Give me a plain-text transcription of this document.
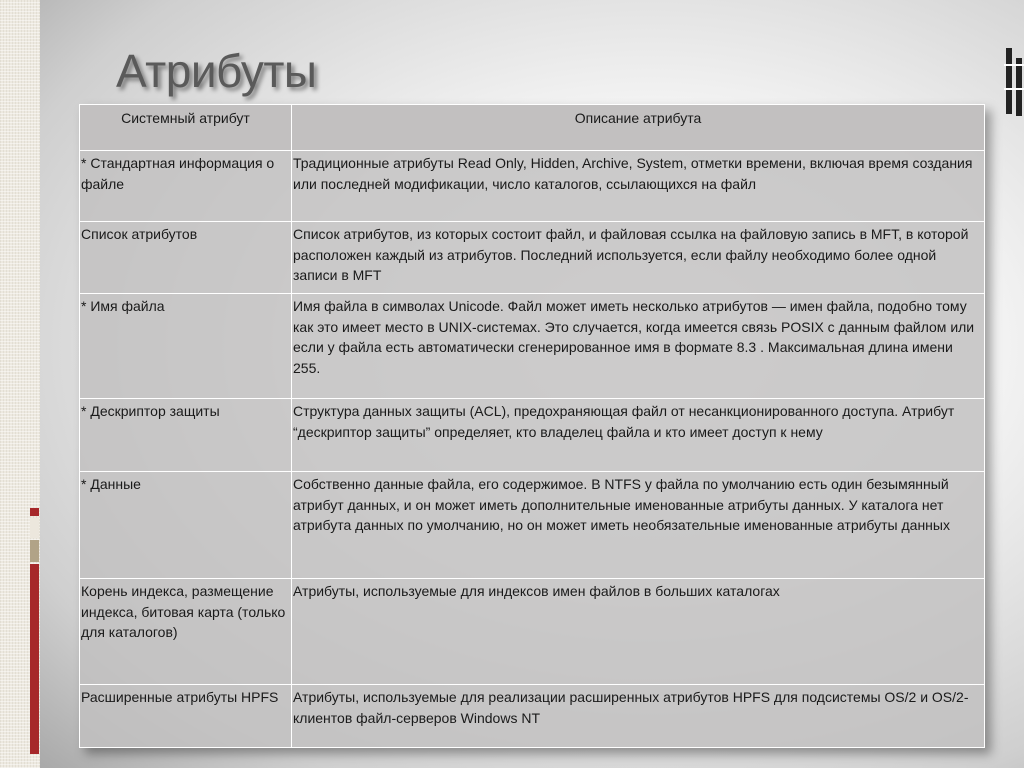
Атрибуты
Системный атрибут	Описание атрибута
* Стандартная информация о файле	Традиционные атрибуты Read Only, Hidden, Archive, System, отметки времени, включая время создания или последней модификации, число каталогов, ссылающихся на файл
Список атрибутов	Список атрибутов, из которых состоит файл, и файловая ссылка на файловую запись в MFT, в которой расположен каждый из атрибутов. Последний используется, если файлу необходимо более одной записи в MFT
* Имя файла	Имя файла в символах Unicode. Файл может иметь несколько атрибутов — имен файла, подобно тому как это имеет место в UNIX-системах. Это случается, когда имеется связь POSIX с данным файлом или если у файла есть автоматически сгенерированное имя в формате 8.3 . Максимальная длина имени 255.
* Дескриптор защиты	Структура данных защиты (ACL), предохраняющая файл от несанкционированного доступа. Атрибут “дескриптор защиты” определяет, кто владелец файла и кто имеет доступ к нему
* Данные	Собственно данные файла, его содержимое. В NTFS у файла по умолчанию есть один безымянный атрибут данных, и он может иметь дополнительные именованные атрибуты данных. У каталога нет атрибута данных по умолчанию, но он может иметь необязательные именованные атрибуты данных
Корень индекса, размещение индекса, битовая карта (только для каталогов)	Атрибуты, используемые для индексов имен файлов в больших каталогах
Расширенные атрибуты HPFS	Атрибуты, используемые для реализации расширенных атрибутов HPFS для подсистемы OS/2 и OS/2-клиентов файл-серверов Windows NT
